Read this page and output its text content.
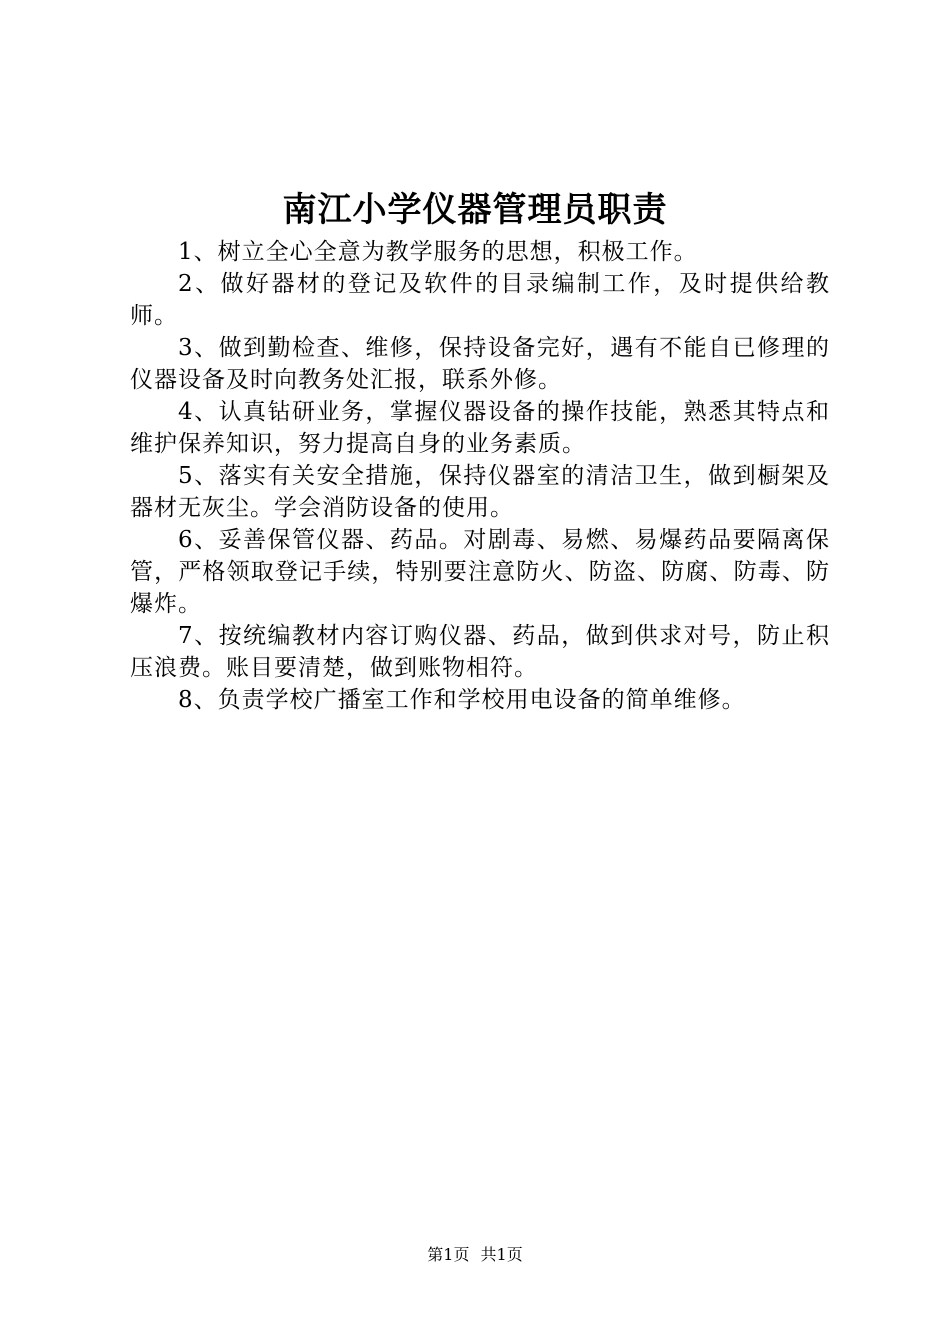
南江小学仪器管理员职责

1、树立全心全意为教学服务的思想，积极工作。

2、做好器材的登记及软件的目录编制工作，及时提供给教师。

3、做到勤检查、维修，保持设备完好，遇有不能自已修理的仪器设备及时向教务处汇报，联系外修。

4、认真钻研业务，掌握仪器设备的操作技能，熟悉其特点和维护保养知识，努力提高自身的业务素质。

5、落实有关安全措施，保持仪器室的清洁卫生，做到橱架及器材无灰尘。学会消防设备的使用。

6、妥善保管仪器、药品。对剧毒、易燃、易爆药品要隔离保管，严格领取登记手续，特别要注意防火、防盗、防腐、防毒、防爆炸。

7、按统编教材内容订购仪器、药品，做到供求对号，防止积压浪费。账目要清楚，做到账物相符。

8、负责学校广播室工作和学校用电设备的简单维修。

第1页 共1页
